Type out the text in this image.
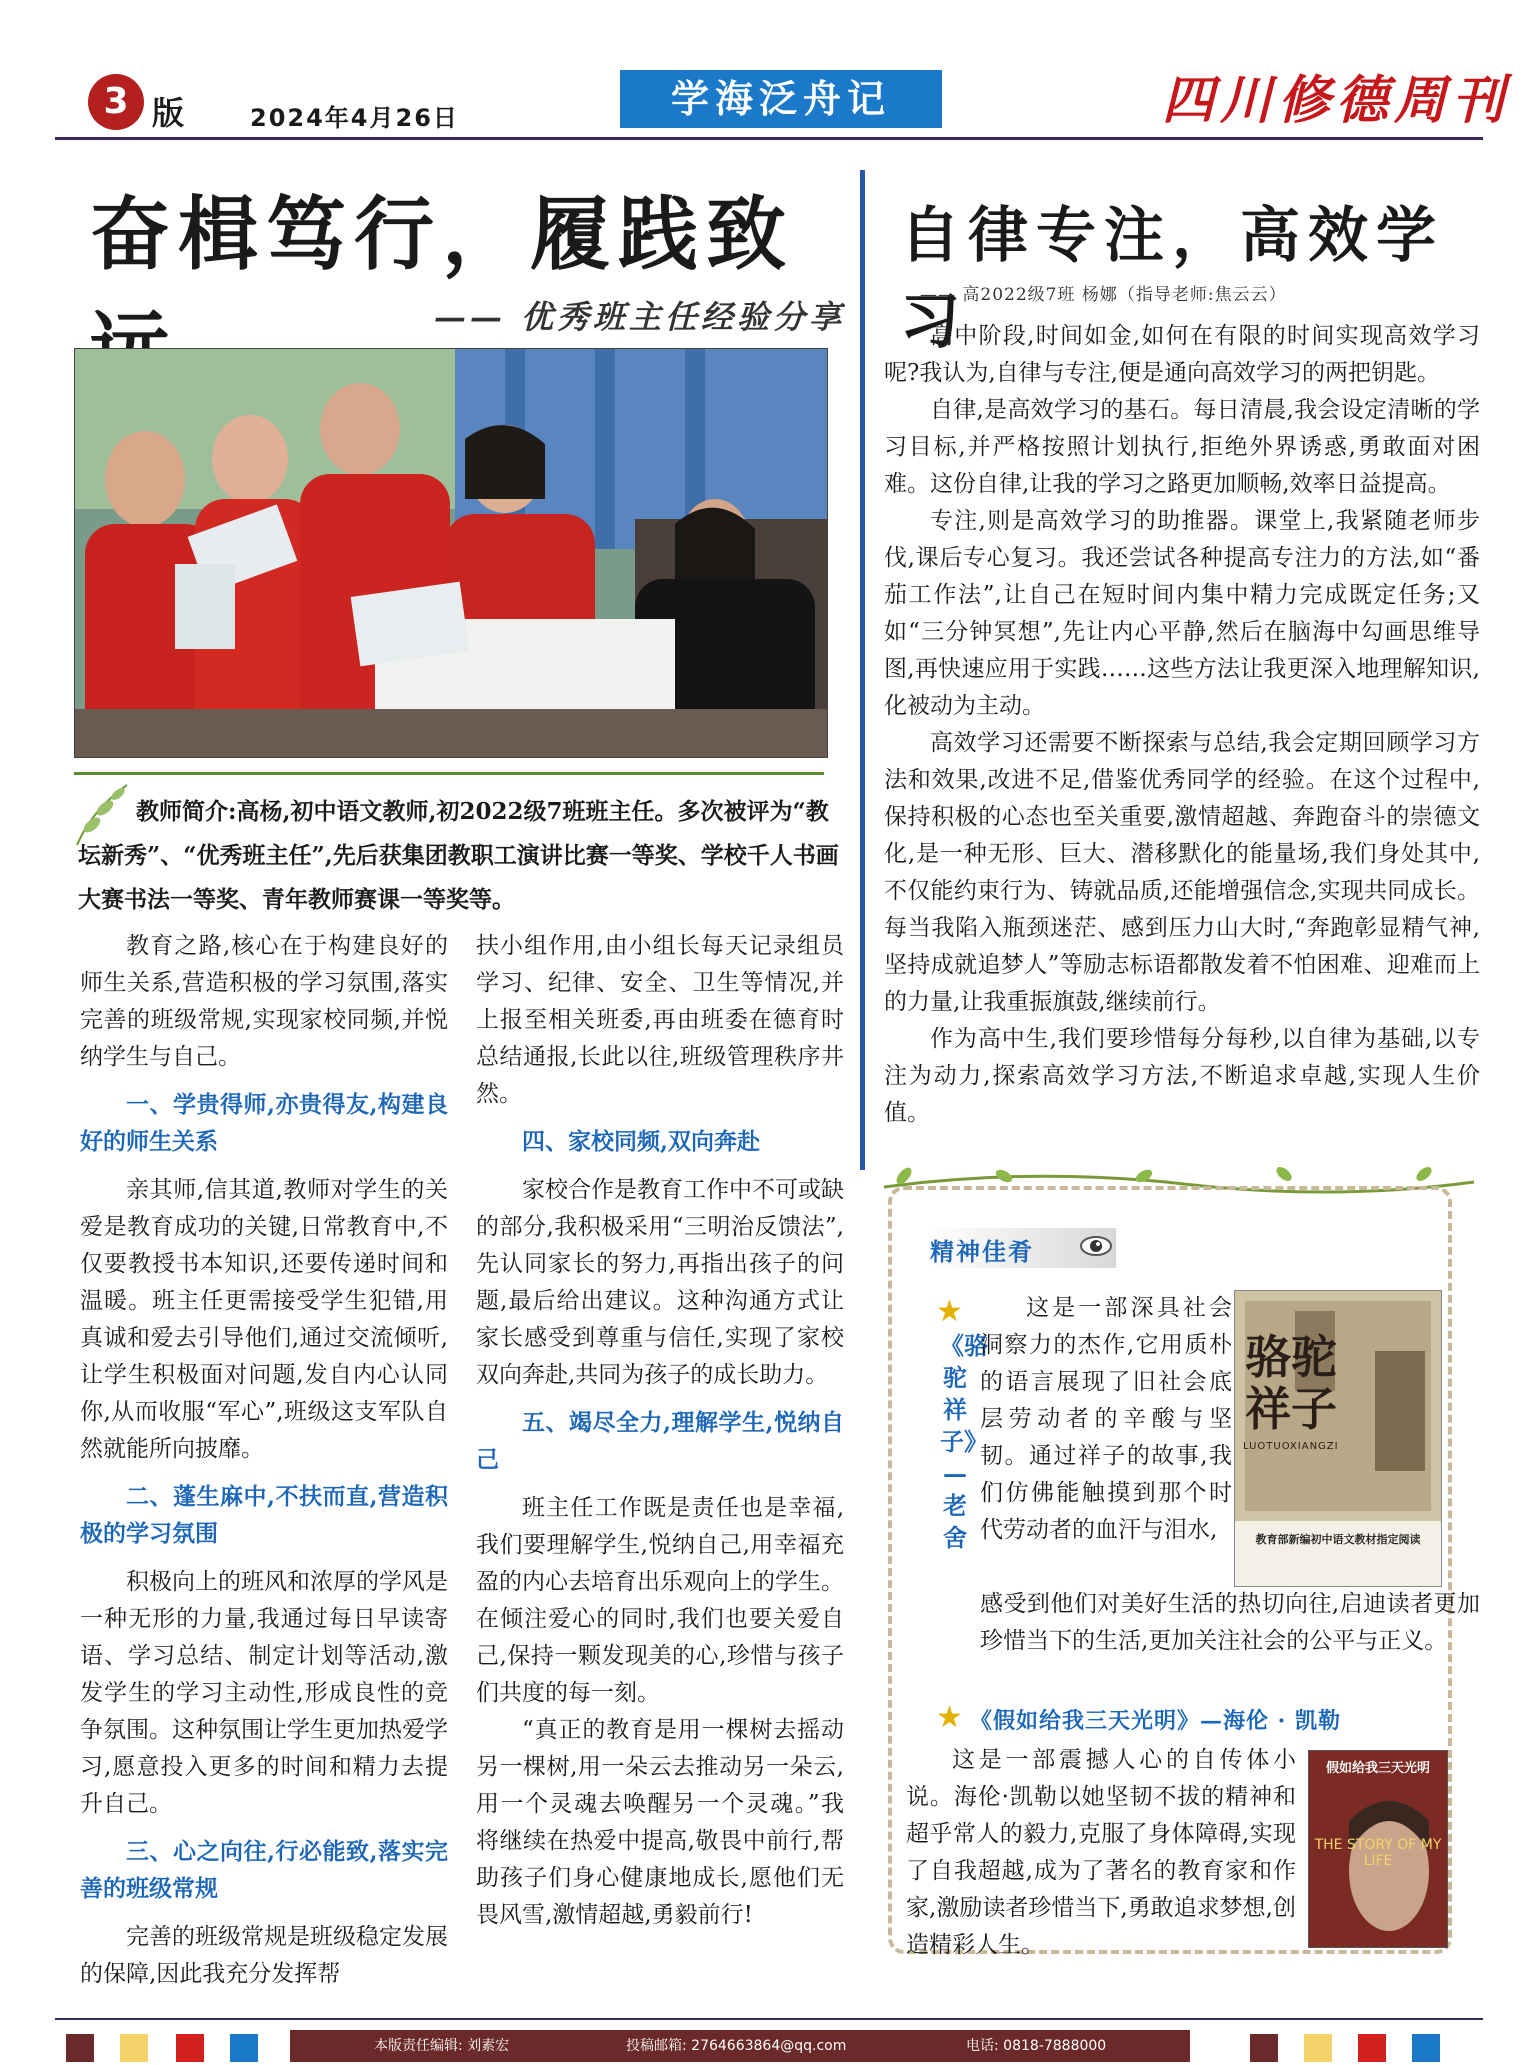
3 版	2024年4月26日	学海泛舟记	四川修德周刊
奋楫笃行，履践致
—— 优秀班主任经验分享
教师简介:高杨,初中语文教师,初2022级7班班主任。多次被评为“教坛新秀”、“优秀班主任”,先后获集团教职工演讲比赛一等奖、学校千人书画大赛书法一等奖、青年教师赛课一等奖等。

教育之路,核心在于构建良好的师生关系,营造积极的学习氛围,落实完善的班级常规,实现家校同频,并悦纳学生与自己。

一、学贵得师,亦贵得友,构建良好的师生关系

亲其师,信其道,教师对学生的关爱是教育成功的关键,日常教育中,不仅要教授书本知识,还要传递时间和温暖。班主任更需接受学生犯错,用真诚和爱去引导他们,通过交流倾听,让学生积极面对问题,发自内心认同你,从而收服“军心”,班级这支军队自然就能所向披靡。

二、蓬生麻中,不扶而直,营造积极的学习氛围

积极向上的班风和浓厚的学风是一种无形的力量,我通过每日早读寄语、学习总结、制定计划等活动,激发学生的学习主动性,形成良性的竞争氛围。这种氛围让学生更加热爱学习,愿意投入更多的时间和精力去提升自己。

三、心之向往,行必能致,落实完善的班级常规

完善的班级常规是班级稳定发展的保障,因此我充分发挥帮

扶小组作用,由小组长每天记录组员学习、纪律、安全、卫生等情况,并上报至相关班委,再由班委在德育时总结通报,长此以往,班级管理秩序井然。

四、家校同频,双向奔赴

家校合作是教育工作中不可或缺的部分,我积极采用“三明治反馈法”,先认同家长的努力,再指出孩子的问题,最后给出建议。这种沟通方式让家长感受到尊重与信任,实现了家校双向奔赴,共同为孩子的成长助力。

五、竭尽全力,理解学生,悦纳自己

班主任工作既是责任也是幸福,我们要理解学生,悦纳自己,用幸福充盈的内心去培育出乐观向上的学生。在倾注爱心的同时,我们也要关爱自己,保持一颗发现美的心,珍惜与孩子们共度的每一刻。

“真正的教育是用一棵树去摇动另一棵树,用一朵云去推动另一朵云,用一个灵魂去唤醒另一个灵魂。”我将继续在热爱中提高,敬畏中前行,帮助孩子们身心健康地成长,愿他们无畏风雪,激情超越,勇毅前行!

自律专注，高效学习
—— 高2022级7班 杨娜（指导老师:焦云云）

高中阶段,时间如金,如何在有限的时间实现高效学习呢?我认为,自律与专注,便是通向高效学习的两把钥匙。

自律,是高效学习的基石。每日清晨,我会设定清晰的学习目标,并严格按照计划执行,拒绝外界诱惑,勇敢面对困难。这份自律,让我的学习之路更加顺畅,效率日益提高。

专注,则是高效学习的助推器。课堂上,我紧随老师步伐,课后专心复习。我还尝试各种提高专注力的方法,如“番茄工作法”,让自己在短时间内集中精力完成既定任务;又如“三分钟冥想”,先让内心平静,然后在脑海中勾画思维导图,再快速应用于实践……这些方法让我更深入地理解知识,化被动为主动。

高效学习还需要不断探索与总结,我会定期回顾学习方法和效果,改进不足,借鉴优秀同学的经验。在这个过程中,保持积极的心态也至关重要,激情超越、奔跑奋斗的崇德文化,是一种无形、巨大、潜移默化的能量场,我们身处其中,不仅能约束行为、铸就品质,还能增强信念,实现共同成长。每当我陷入瓶颈迷茫、感到压力山大时,“奔跑彰显精气神,坚持成就追梦人”等励志标语都散发着不怕困难、迎难而上的力量,让我重振旗鼓,继续前行。

作为高中生,我们要珍惜每分每秒,以自律为基础,以专注为动力,探索高效学习方法,不断追求卓越,实现人生价值。

精神佳肴
★
《骆驼祥子》—老舍
这是一部深具社会洞察力的杰作,它用质朴的语言展现了旧社会底层劳动者的辛酸与坚韧。通过祥子的故事,我们仿佛能触摸到那个时代劳动者的血汗与泪水,
骆驼祥子
LUOTUOXIANGZI
教育部新编初中语文教材指定阅读
感受到他们对美好生活的热切向往,启迪读者更加珍惜当下的生活,更加关注社会的公平与正义。
★ 《假如给我三天光明》—海伦 · 凯勒

这是一部震撼人心的自传体小说。海伦·凯勒以她坚韧不拔的精神和超乎常人的毅力,克服了身体障碍,实现了自我超越,成为了著名的教育家和作家,激励读者珍惜当下,勇敢追求梦想,创造精彩人生。

假如给我三天光明
THE STORY OF MY LIFE
本版责任编辑: 刘素宏	投稿邮箱: 2764663864@qq.com	电话: 0818-7888000
